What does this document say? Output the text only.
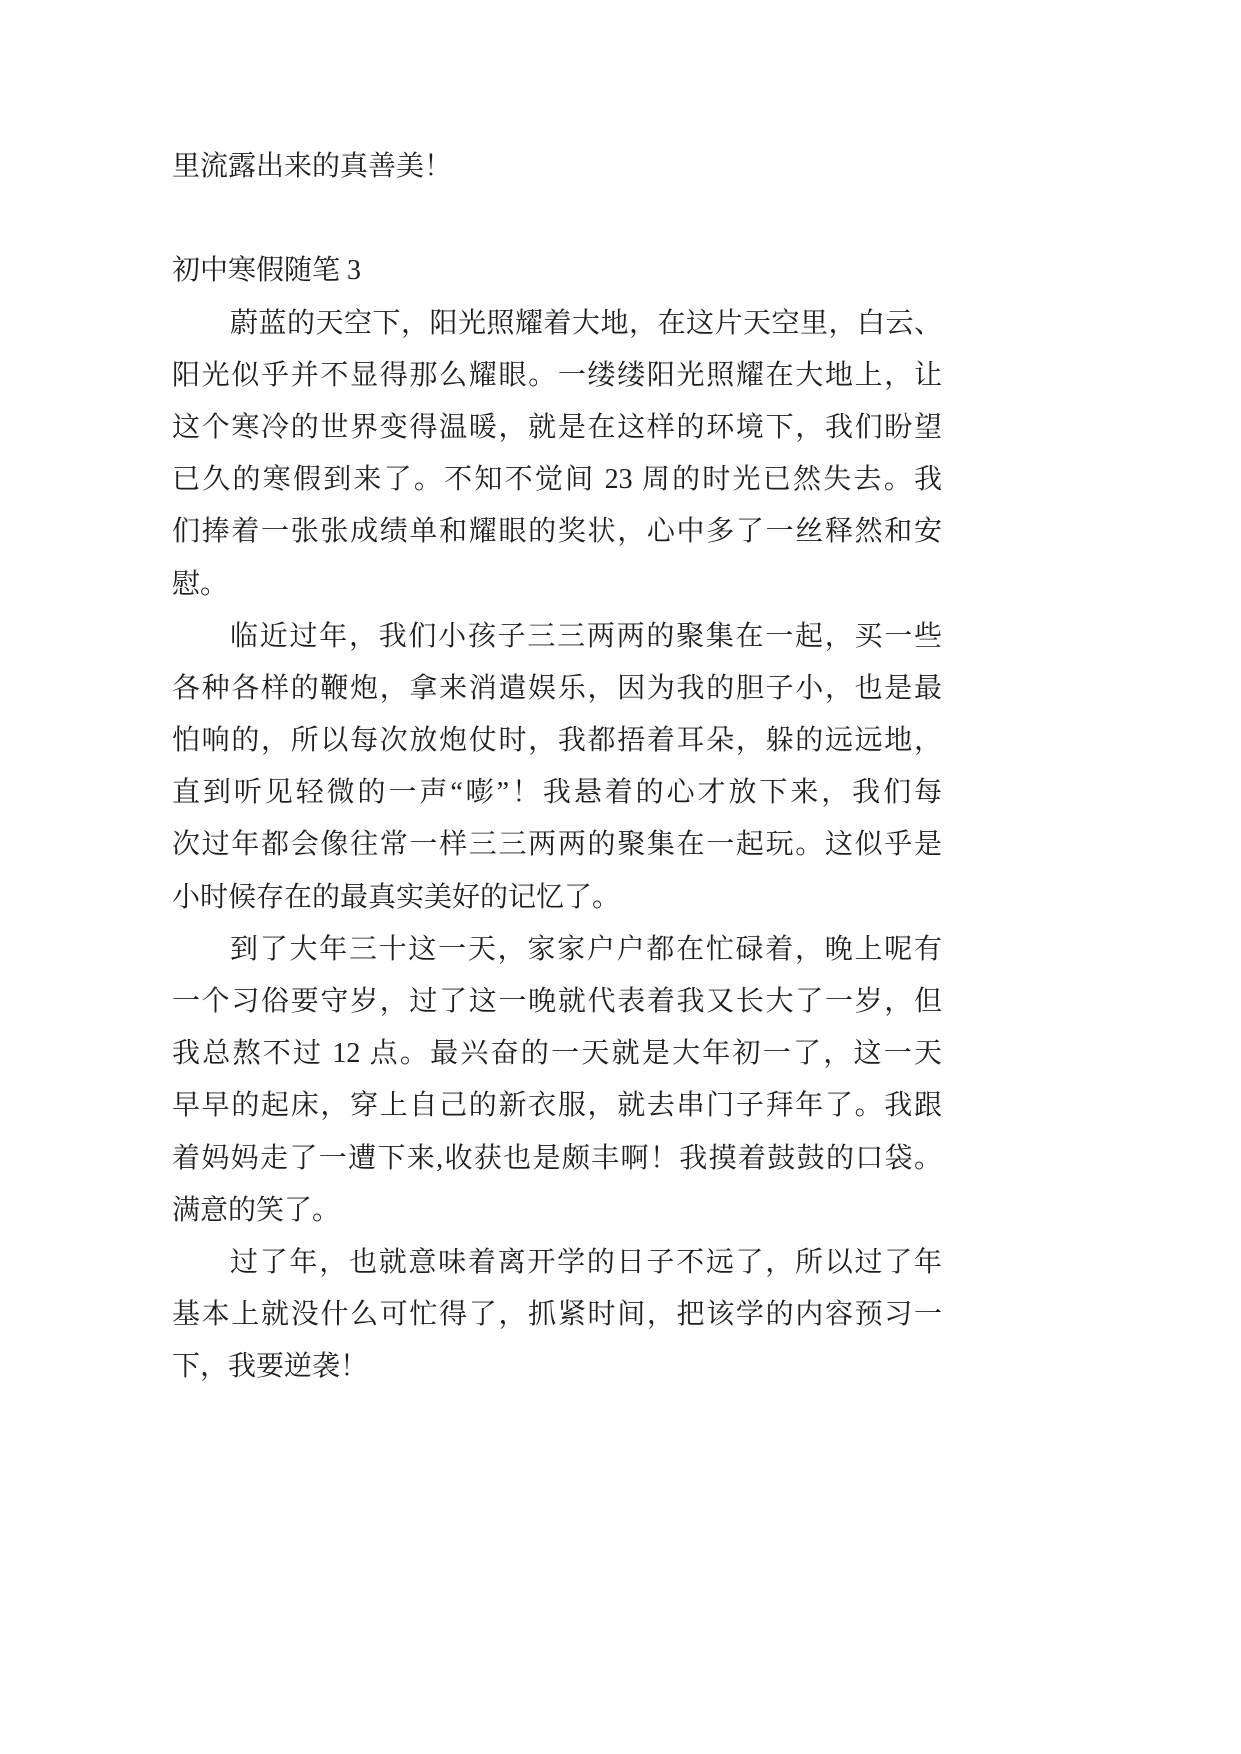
里流露出来的真善美！
初中寒假随笔 3
蔚蓝的天空下，阳光照耀着大地，在这片天空里，白云、
阳光似乎并不显得那么耀眼。一缕缕阳光照耀在大地上，让
这个寒冷的世界变得温暖，就是在这样的环境下，我们盼望
已久的寒假到来了。不知不觉间 23 周的时光已然失去。我
们捧着一张张成绩单和耀眼的奖状，心中多了一丝释然和安
慰。
临近过年，我们小孩子三三两两的聚集在一起，买一些
各种各样的鞭炮，拿来消遣娱乐，因为我的胆子小，也是最
怕响的，所以每次放炮仗时，我都捂着耳朵，躲的远远地，
直到听见轻微的一声“嘭”！我悬着的心才放下来，我们每
次过年都会像往常一样三三两两的聚集在一起玩。这似乎是
小时候存在的最真实美好的记忆了。
到了大年三十这一天，家家户户都在忙碌着，晚上呢有
一个习俗要守岁，过了这一晚就代表着我又长大了一岁，但
我总熬不过 12 点。最兴奋的一天就是大年初一了，这一天
早早的起床，穿上自己的新衣服，就去串门子拜年了。我跟
着妈妈走了一遭下来,收获也是颇丰啊！我摸着鼓鼓的口袋。
满意的笑了。
过了年，也就意味着离开学的日子不远了，所以过了年
基本上就没什么可忙得了，抓紧时间，把该学的内容预习一
下，我要逆袭！
